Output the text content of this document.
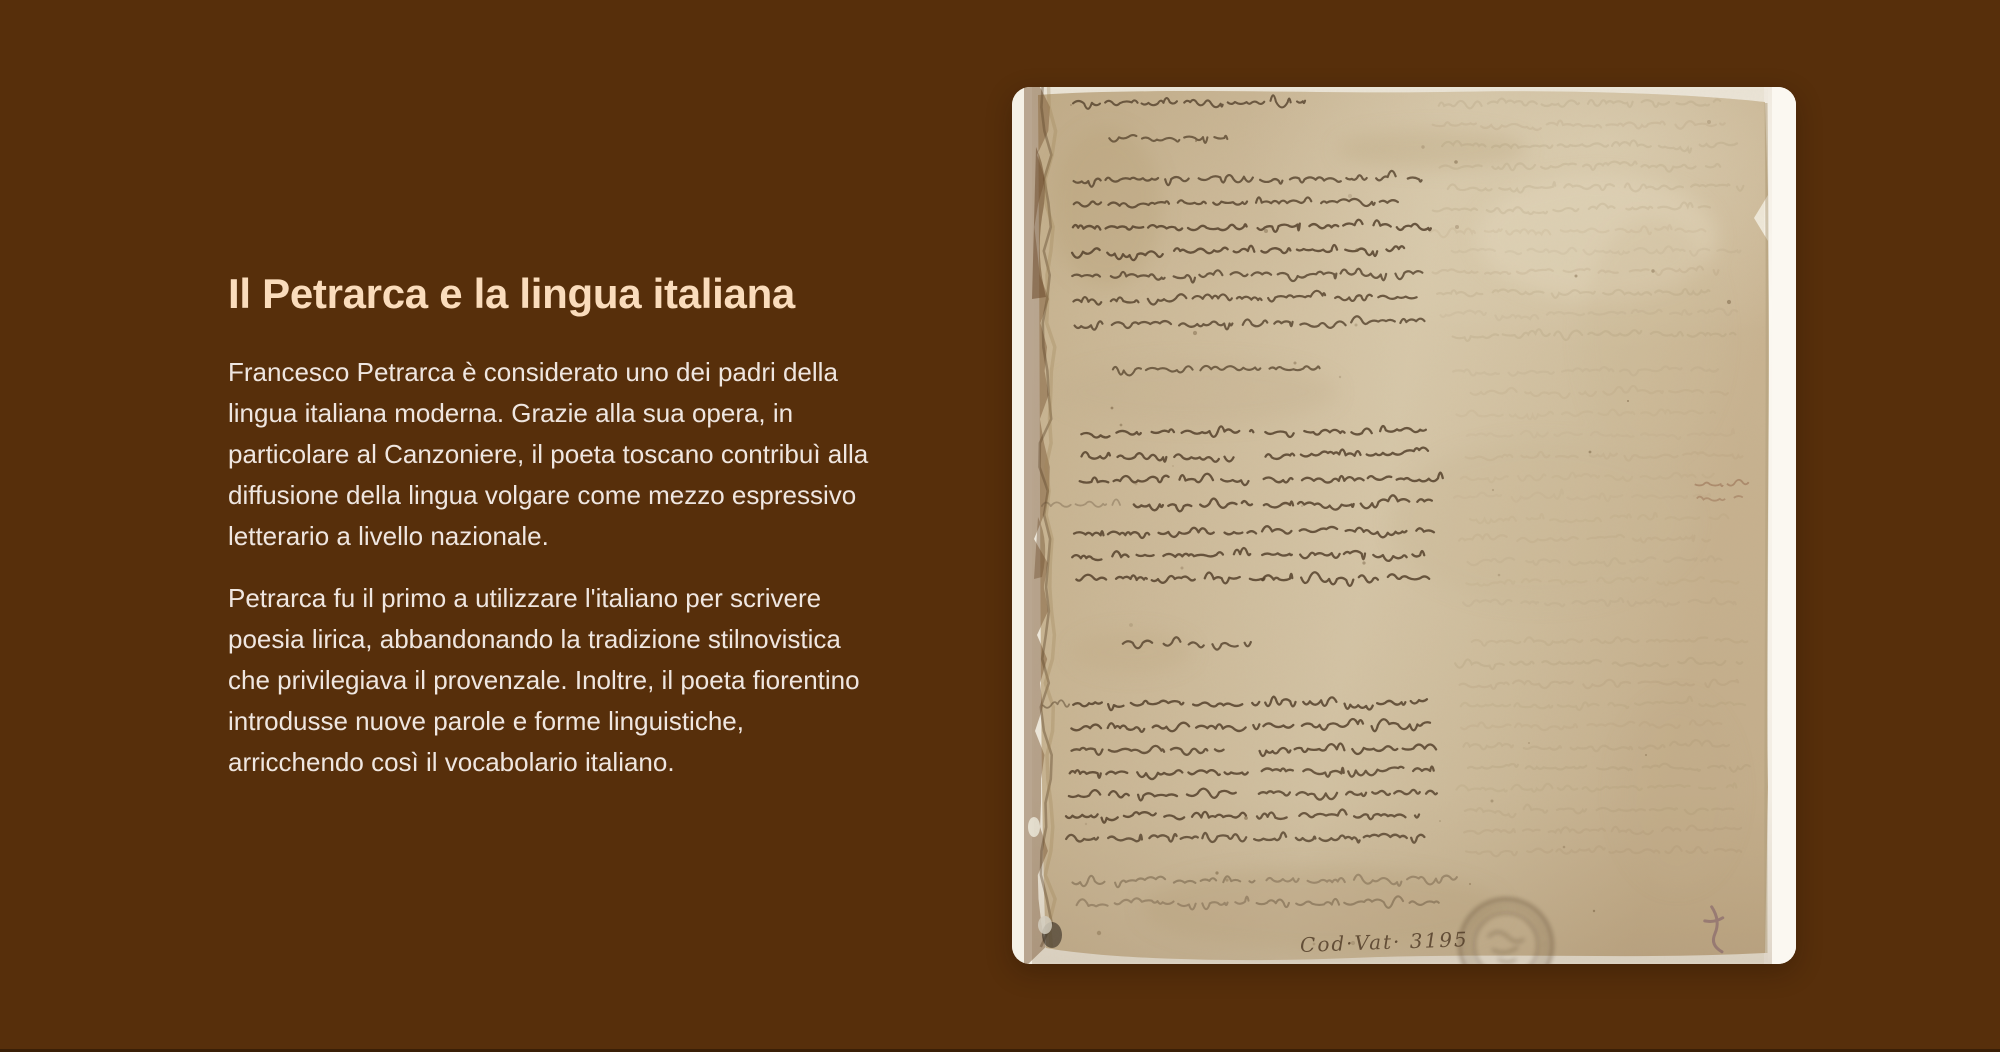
Il Petrarca e la lingua italiana
Francesco Petrarca è considerato uno dei padri della
lingua italiana moderna. Grazie alla sua opera, in
particolare al Canzoniere, il poeta toscano contribuì alla
diffusione della lingua volgare come mezzo espressivo
letterario a livello nazionale.
Petrarca fu il primo a utilizzare l'italiano per scrivere
poesia lirica, abbandonando la tradizione stilnovistica
che privilegiava il provenzale. Inoltre, il poeta fiorentino
introdusse nuove parole e forme linguistiche,
arricchendo così il vocabolario italiano.
Cod·Vat· 3195
